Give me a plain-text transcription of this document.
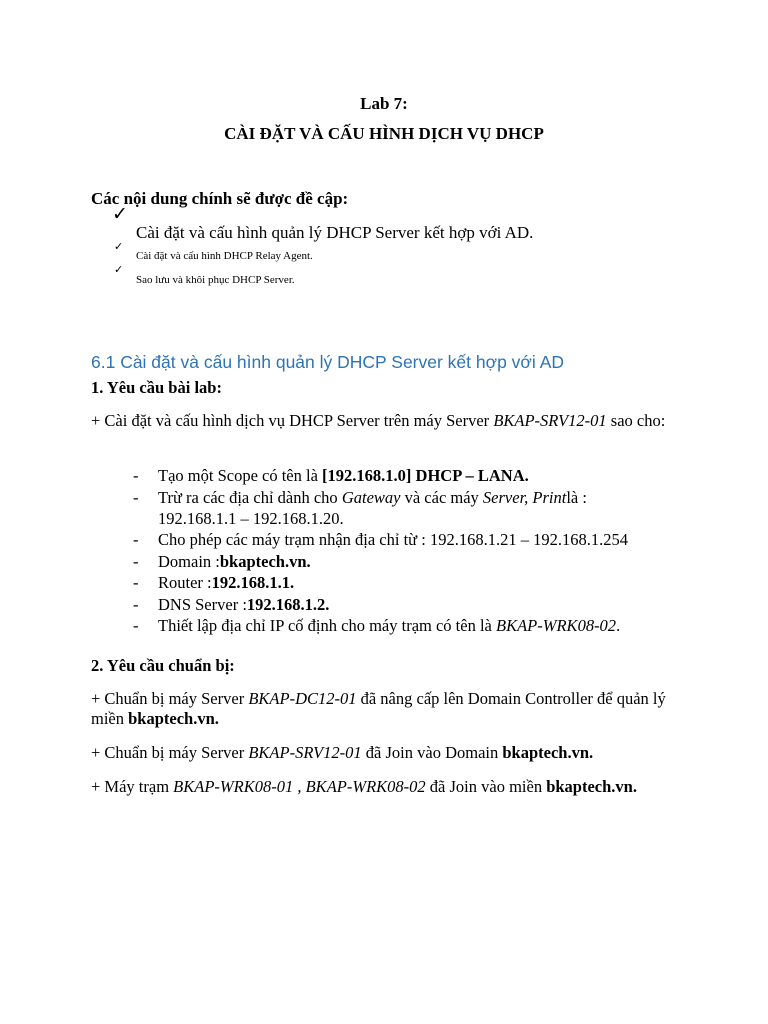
Lab 7:
CÀI ĐẶT VÀ CẤU HÌNH DỊCH VỤ DHCP
Các nội dung chính sẽ được đề cập:
✓
Cài đặt và cấu hình quản lý DHCP Server kết hợp với AD.
✓
Cài đặt và cấu hình DHCP Relay Agent.
✓
Sao lưu và khôi phục DHCP Server.
6.1 Cài đặt và cấu hình quản lý DHCP Server kết hợp với AD
1. Yêu cầu bài lab:
+ Cài đặt và cấu hình dịch vụ DHCP Server trên máy Server BKAP-SRV12-01 sao cho:
- Tạo một Scope có tên là [192.168.1.0] DHCP – LANA.
- Trừ ra các địa chỉ dành cho Gateway và các máy Server, Printlà :
192.168.1.1 – 192.168.1.20.
- Cho phép các máy trạm nhận địa chỉ từ : 192.168.1.21 – 192.168.1.254
- Domain :bkaptech.vn.
- Router :192.168.1.1.
- DNS Server :192.168.1.2.
- Thiết lập địa chỉ IP cố định cho máy trạm có tên là BKAP-WRK08-02.
2. Yêu cầu chuẩn bị:
+ Chuẩn bị máy Server BKAP-DC12-01 đã nâng cấp lên Domain Controller để quản lý miền bkaptech.vn.
+ Chuẩn bị máy Server BKAP-SRV12-01 đã Join vào Domain bkaptech.vn.
+ Máy trạm BKAP-WRK08-01 , BKAP-WRK08-02 đã Join vào miền bkaptech.vn.
